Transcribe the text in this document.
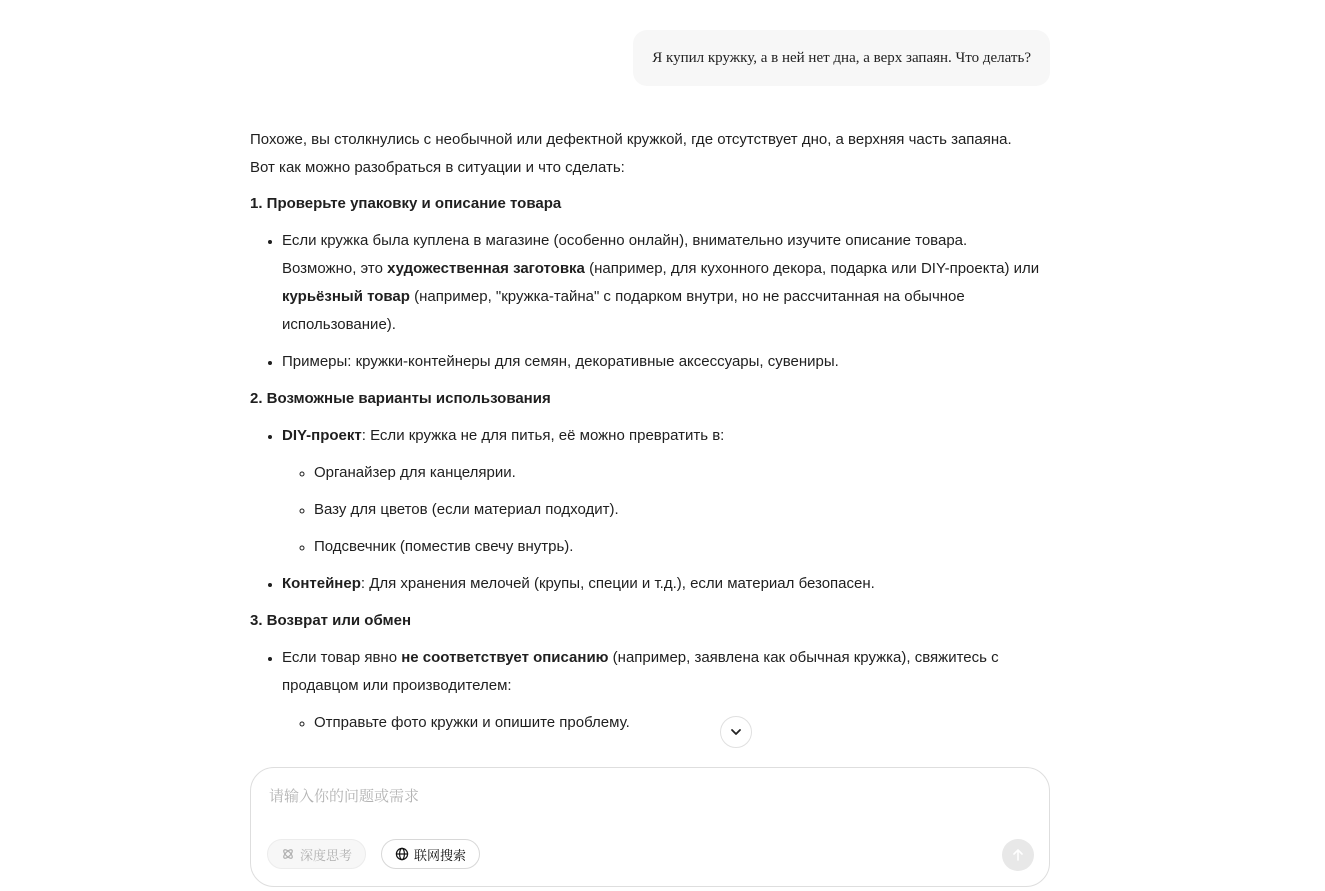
Я купил кружку, а в ней нет дна, а верх запаян. Что делать?

Похоже, вы столкнулись с необычной или дефектной кружкой, где отсутствует дно, а верхняя часть запаяна. Вот как можно разобраться в ситуации и что сделать:

1. Проверьте упаковку и описание товара
• Если кружка была куплена в магазине (особенно онлайн), внимательно изучите описание товара. Возможно, это художественная заготовка (например, для кухонного декора, подарка или DIY-проекта) или курьёзный товар (например, "кружка-тайна" с подарком внутри, но не рассчитанная на обычное использование).
• Примеры: кружки-контейнеры для семян, декоративные аксессуары, сувениры.
2. Возможные варианты использования
• DIY-проект: Если кружка не для питья, её можно превратить в:
◦ Органайзер для канцелярии.
◦ Вазу для цветов (если материал подходит).
◦ Подсвечник (поместив свечу внутрь).
• Контейнер: Для хранения мелочей (крупы, специи и т.д.), если материал безопасен.
3. Возврат или обмен
• Если товар явно не соответствует описанию (например, заявлена как обычная кружка), свяжитесь с продавцом или производителем:
◦ Отправьте фото кружки и опишите проблему.
请输入你的问题或需求
深度思考	联网搜索
